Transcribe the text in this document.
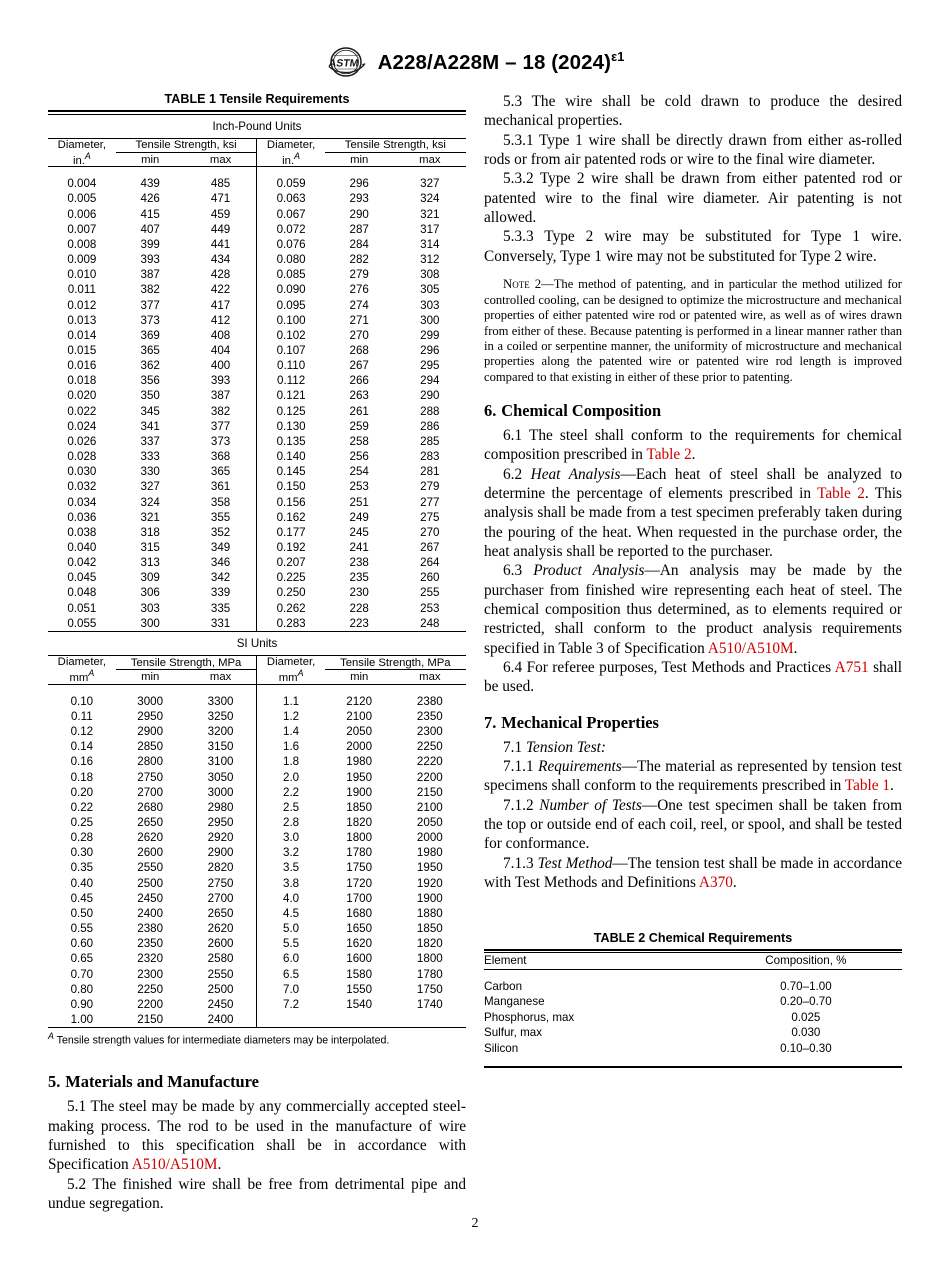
ASTM A228/A228M – 18 $(2024)^{\varepsilon 1}$
TABLE 1 Tensile Requirements
Inch-Pound Units
Diameter,
in.$^A$	Tensile Strength, ksi		Diameter,
in.$^A$	Tensile Strength, ksi	
	min	max		min	max

0.004	439	485	0.059	296	327
0.005	426	471	0.063	293	324
0.006	415	459	0.067	290	321
0.007	407	449	0.072	287	317
0.008	399	441	0.076	284	314
0.009	393	434	0.080	282	312
0.010	387	428	0.085	279	308
0.011	382	422	0.090	276	305
0.012	377	417	0.095	274	303
0.013	373	412	0.100	271	300
0.014	369	408	0.102	270	299
0.015	365	404	0.107	268	296
0.016	362	400	0.110	267	295
0.018	356	393	0.112	266	294
0.020	350	387	0.121	263	290
0.022	345	382	0.125	261	288
0.024	341	377	0.130	259	286
0.026	337	373	0.135	258	285
0.028	333	368	0.140	256	283
0.030	330	365	0.145	254	281
0.032	327	361	0.150	253	279
0.034	324	358	0.156	251	277
0.036	321	355	0.162	249	275
0.038	318	352	0.177	245	270
0.040	315	349	0.192	241	267
0.042	313	346	0.207	238	264
0.045	309	342	0.225	235	260
0.048	306	339	0.250	230	255
0.051	303	335	0.262	228	253
0.055	300	331	0.283	223	248
SI Units
Diameter,
$mm^A$	Tensile Strength, MPa		Diameter,
$mm^A$	Tensile Strength, MPa	
	min	max		min	max

0.10	3000	3300	1.1	2120	2380
0.11	2950	3250	1.2	2100	2350
0.12	2900	3200	1.4	2050	2300
0.14	2850	3150	1.6	2000	2250
0.16	2800	3100	1.8	1980	2220
0.18	2750	3050	2.0	1950	2200
0.20	2700	3000	2.2	1900	2150
0.22	2680	2980	2.5	1850	2100
0.25	2650	2950	2.8	1820	2050
0.28	2620	2920	3.0	1800	2000
0.30	2600	2900	3.2	1780	1980
0.35	2550	2820	3.5	1750	1950
0.40	2500	2750	3.8	1720	1920
0.45	2450	2700	4.0	1700	1900
0.50	2400	2650	4.5	1680	1880
0.55	2380	2620	5.0	1650	1850
0.60	2350	2600	5.5	1620	1820
0.65	2320	2580	6.0	1600	1800
0.70	2300	2550	6.5	1580	1780
0.80	2250	2500	7.0	1550	1750
0.90	2200	2450	7.2	1540	1740
1.00	2150	2400			
$^A$ Tensile strength values for intermediate diameters may be interpolated.
5. Materials and Manufacture

5.1 The steel may be made by any commercially accepted steel-making process. The rod to be used in the manufacture of wire furnished to this specification shall be in accordance with Specification A510/A510M.

5.2 The finished wire shall be free from detrimental pipe and undue segregation.

5.3 The wire shall be cold drawn to produce the desired mechanical properties.

5.3.1 Type 1 wire shall be directly drawn from either as-rolled rods or from air patented rods or wire to the final wire diameter.

5.3.2 Type 2 wire shall be drawn from either patented rod or patented wire to the final wire diameter. Air patenting is not allowed.

5.3.3 Type 2 wire may be substituted for Type 1 wire. Conversely, Type 1 wire may not be substituted for Type 2 wire.

Note 2—The method of patenting, and in particular the method utilized for controlled cooling, can be designed to optimize the microstructure and mechanical properties of either patented wire rod or patented wire, as well as of wires drawn from either of these. Because patenting is performed in a linear manner rather than in a coiled or serpentine manner, the uniformity of microstructure and mechanical properties along the patented wire or patented wire rod length is improved compared to that existing in either of these prior to patenting.

6. Chemical Composition

6.1 The steel shall conform to the requirements for chemical composition prescribed in Table 2.

6.2 Heat Analysis—Each heat of steel shall be analyzed to determine the percentage of elements prescribed in Table 2. This analysis shall be made from a test specimen preferably taken during the pouring of the heat. When requested in the purchase order, the heat analysis shall be reported to the purchaser.

6.3 Product Analysis—An analysis may be made by the purchaser from finished wire representing each heat of steel. The chemical composition thus determined, as to elements required or restricted, shall conform to the product analysis requirements specified in Table 3 of Specification A510/A510M.

6.4 For referee purposes, Test Methods and Practices A751 shall be used.

7. Mechanical Properties

7.1 Tension Test:

7.1.1 Requirements—The material as represented by tension test specimens shall conform to the requirements prescribed in Table 1.

7.1.2 Number of Tests—One test specimen shall be taken from the top or outside end of each coil, reel, or spool, and shall be tested for conformance.

7.1.3 Test Method—The tension test shall be made in accordance with Test Methods and Definitions A370.

TABLE 2 Chemical Requirements
Element	Composition, %

Carbon	0.70–1.00
Manganese	0.20–0.70
Phosphorus, max	0.025
Sulfur, max	0.030
Silicon	0.10–0.30

2
